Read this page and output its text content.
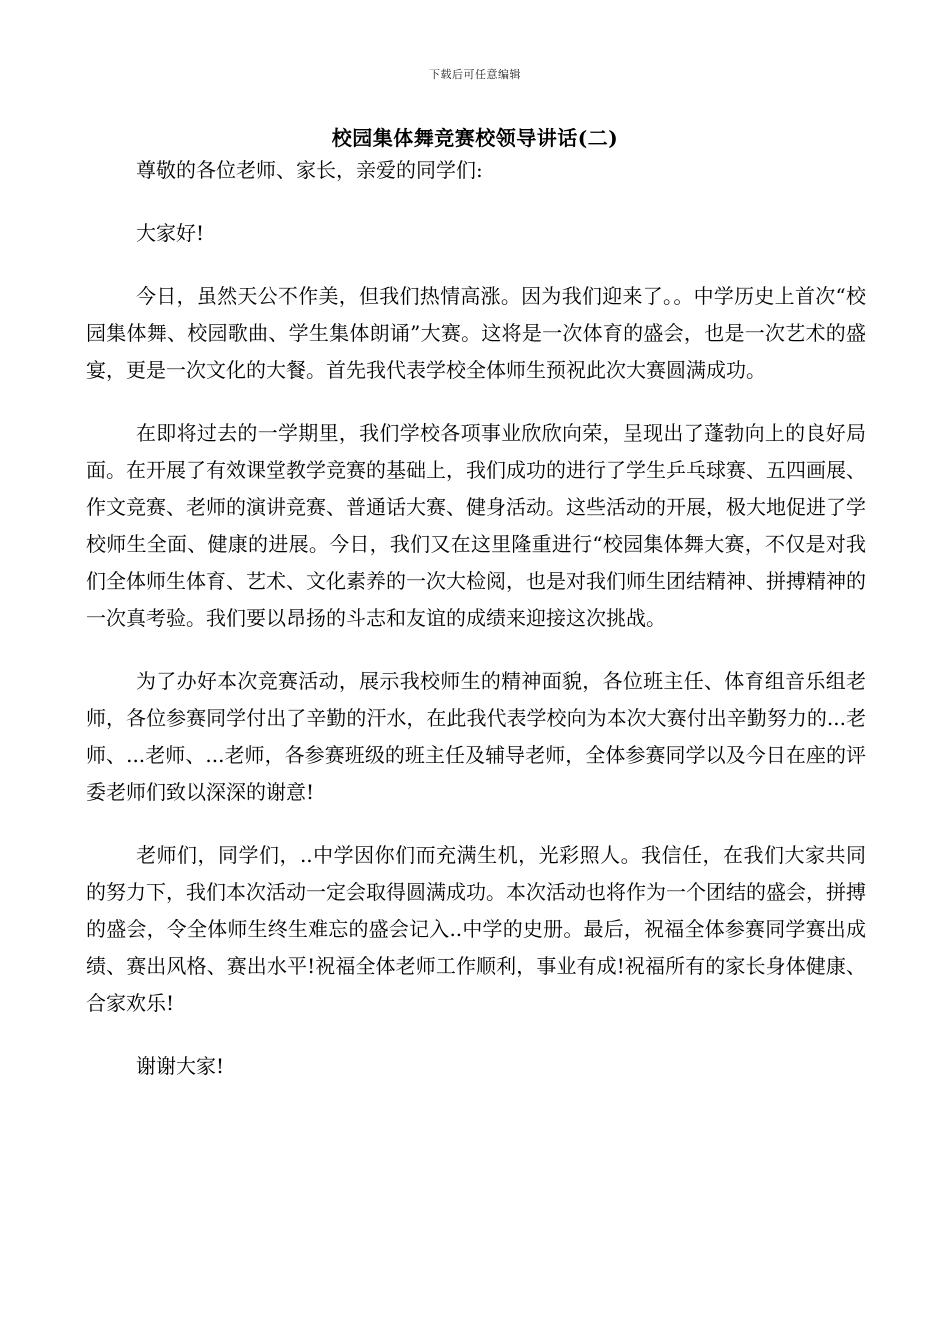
下载后可任意编辑
校园集体舞竞赛校领导讲话(二)

尊敬的各位老师、家长，亲爱的同学们:

大家好!

今日，虽然天公不作美，但我们热情高涨。因为我们迎来了。。中学历史上首次“校园集体舞、校园歌曲、学生集体朗诵”大赛。这将是一次体育的盛会，也是一次艺术的盛宴，更是一次文化的大餐。首先我代表学校全体师生预祝此次大赛圆满成功。

在即将过去的一学期里，我们学校各项事业欣欣向荣，呈现出了蓬勃向上的良好局面。在开展了有效课堂教学竞赛的基础上，我们成功的进行了学生乒乓球赛、五四画展、作文竞赛、老师的演讲竞赛、普通话大赛、健身活动。这些活动的开展，极大地促进了学校师生全面、健康的进展。今日，我们又在这里隆重进行“校园集体舞大赛，不仅是对我们全体师生体育、艺术、文化素养的一次大检阅，也是对我们师生团结精神、拼搏精神的一次真考验。我们要以昂扬的斗志和友谊的成绩来迎接这次挑战。

为了办好本次竞赛活动，展示我校师生的精神面貌，各位班主任、体育组音乐组老师，各位参赛同学付出了辛勤的汗水，在此我代表学校向为本次大赛付出辛勤努力的...老师、...老师、...老师，各参赛班级的班主任及辅导老师，全体参赛同学以及今日在座的评委老师们致以深深的谢意!

老师们，同学们，..中学因你们而充满生机，光彩照人。我信任，在我们大家共同的努力下，我们本次活动一定会取得圆满成功。本次活动也将作为一个团结的盛会，拼搏的盛会，令全体师生终生难忘的盛会记入..中学的史册。最后，祝福全体参赛同学赛出成绩、赛出风格、赛出水平!祝福全体老师工作顺利，事业有成!祝福所有的家长身体健康、合家欢乐!

谢谢大家!
